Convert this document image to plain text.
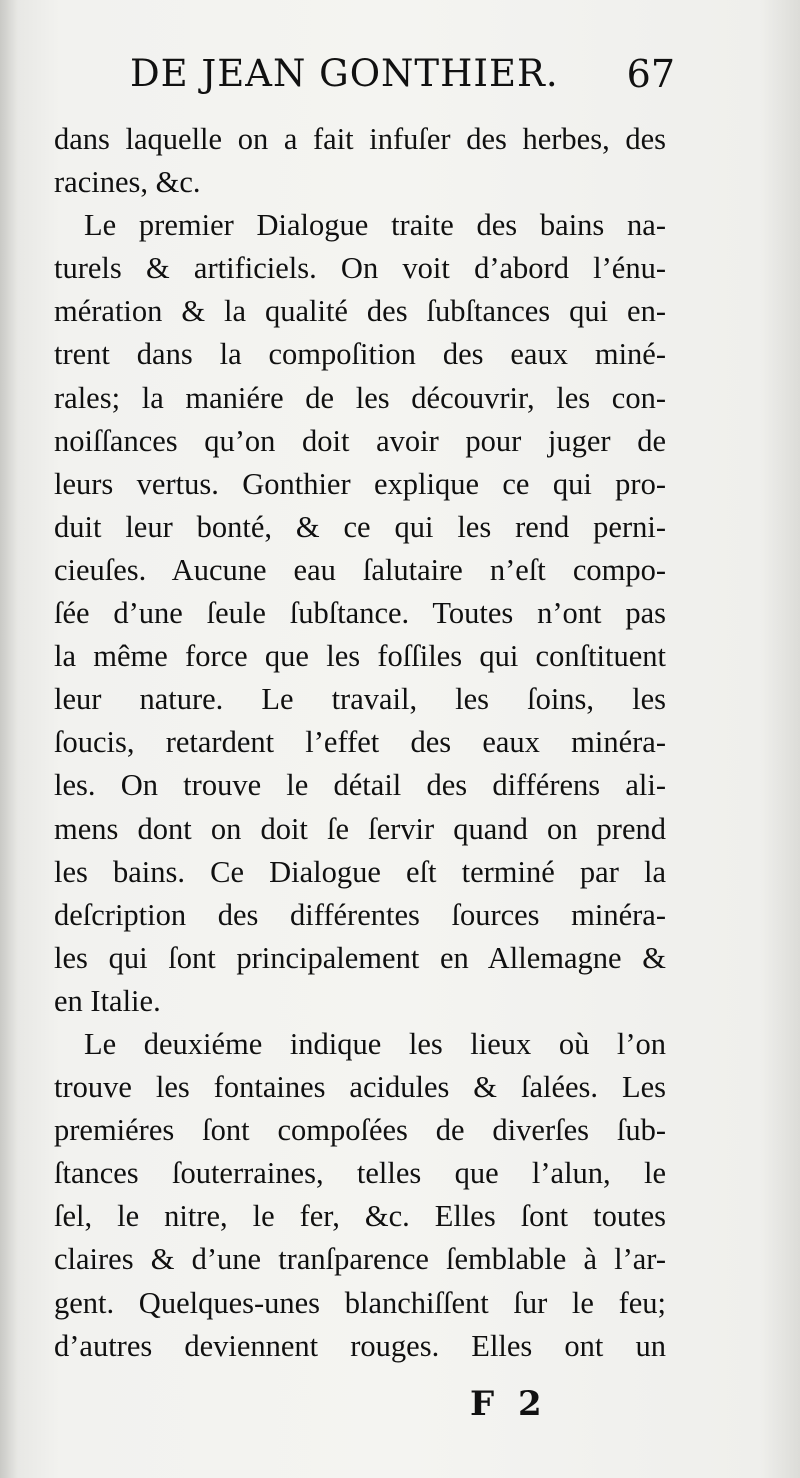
DE JEAN GONTHIER. 67
dans laquelle on a fait infuſer des herbes, des
racines, &c.
Le premier Dialogue traite des bains na-
turels & artificiels. On voit d’abord l’énu-
mération & la qualité des ſubſtances qui en-
trent dans la compoſition des eaux miné-
rales; la maniére de les découvrir, les con-
noiſſances qu’on doit avoir pour juger de
leurs vertus. Gonthier explique ce qui pro-
duit leur bonté, & ce qui les rend perni-
cieuſes. Aucune eau ſalutaire n’eſt compo-
ſée d’une ſeule ſubſtance. Toutes n’ont pas
la même force que les foſſiles qui conſtituent
leur nature. Le travail, les ſoins, les
ſoucis, retardent l’effet des eaux minéra-
les. On trouve le détail des différens ali-
mens dont on doit ſe ſervir quand on prend
les bains. Ce Dialogue eſt terminé par la
deſcription des différentes ſources minéra-
les qui ſont principalement en Allemagne &
en Italie.
Le deuxiéme indique les lieux où l’on
trouve les fontaines acidules & ſalées. Les
premiéres ſont compoſées de diverſes ſub-
ſtances ſouterraines, telles que l’alun, le
ſel, le nitre, le fer, &c. Elles ſont toutes
claires & d’une tranſparence ſemblable à l’ar-
gent. Quelques-unes blanchiſſent ſur le feu;
d’autres deviennent rouges. Elles ont un
F 2
